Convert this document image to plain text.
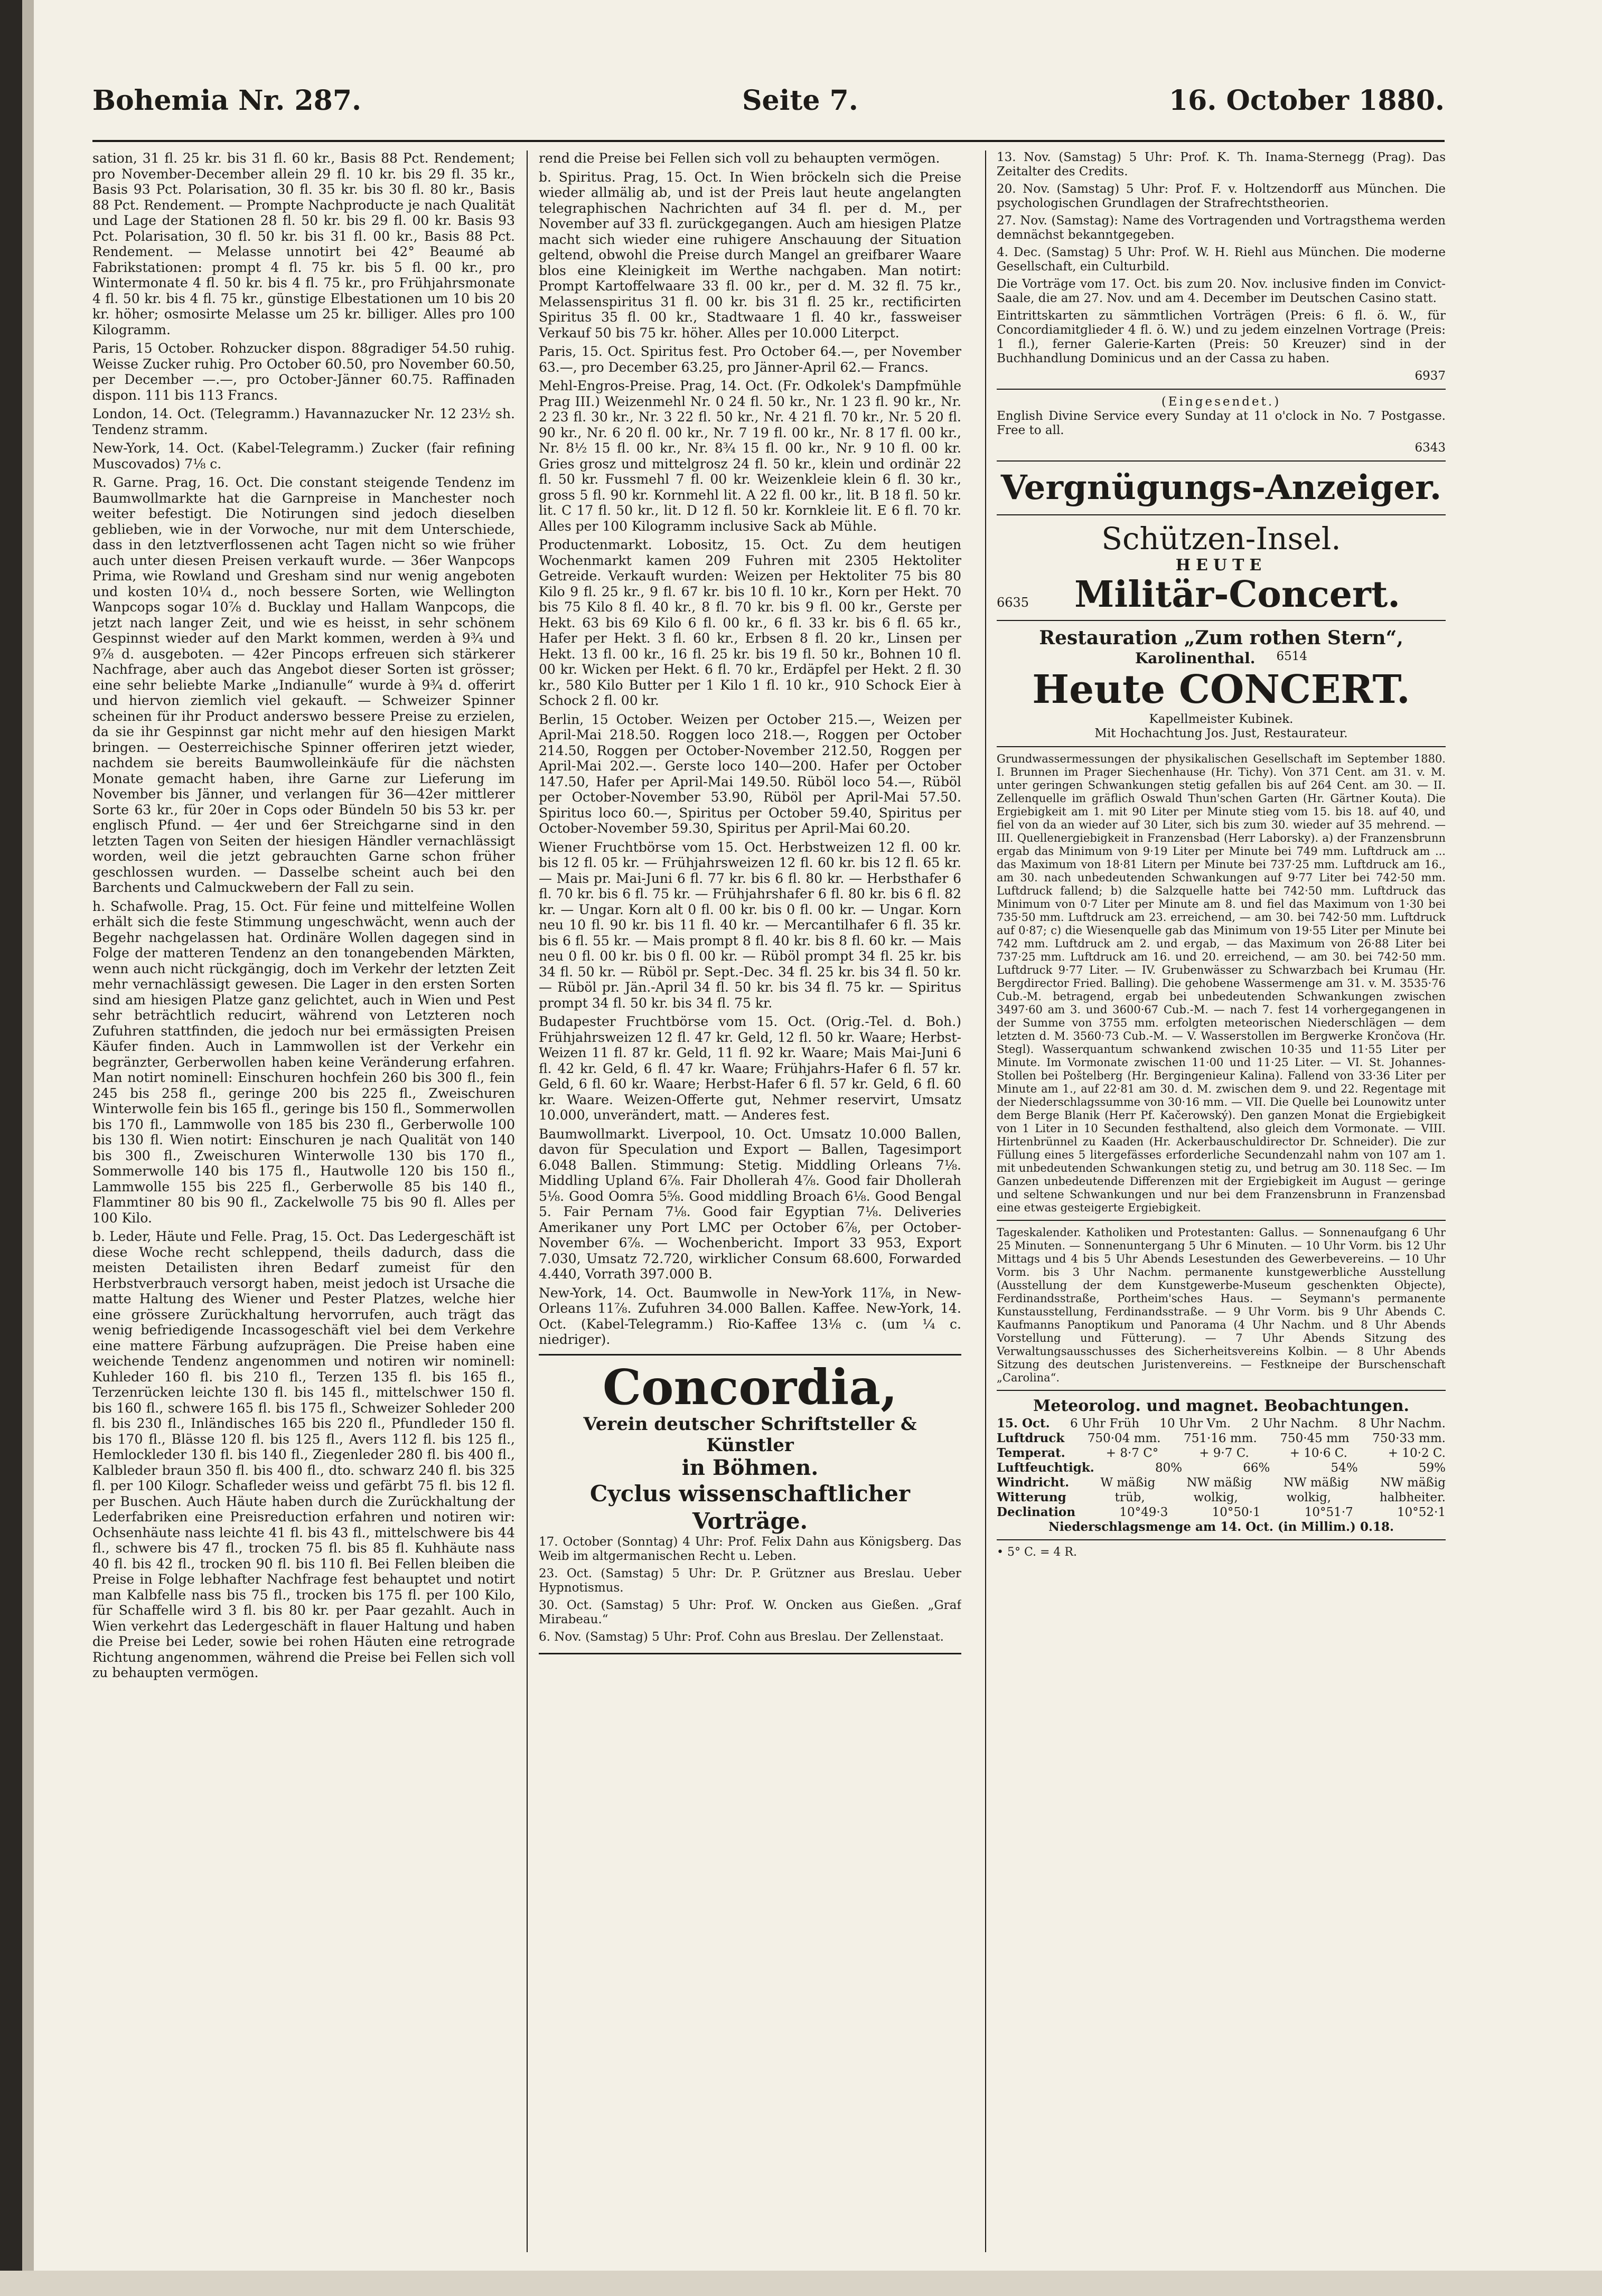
Bohemia Nr. 287.	Seite 7.	16. October 1880.

sation, 31 fl. 25 kr. bis 31 fl. 60 kr., Basis 88 Pct. Rendement; pro November-December allein 29 fl. 10 kr. bis 29 fl. 35 kr., Basis 93 Pct. Polarisation, 30 fl. 35 kr. bis 30 fl. 80 kr., Basis 88 Pct. Rendement. — Prompte Nachproducte je nach Qualität und Lage der Stationen 28 fl. 50 kr. bis 29 fl. 00 kr. Basis 93 Pct. Polarisation, 30 fl. 50 kr. bis 31 fl. 00 kr., Basis 88 Pct. Rendement. — Melasse unnotirt bei 42° Beaumé ab Fabrikstationen: prompt 4 fl. 75 kr. bis 5 fl. 00 kr., pro Wintermonate 4 fl. 50 kr. bis 4 fl. 75 kr., pro Frühjahrsmonate 4 fl. 50 kr. bis 4 fl. 75 kr., günstige Elbestationen um 10 bis 20 kr. höher; osmosirte Melasse um 25 kr. billiger. Alles pro 100 Kilogramm.

Paris, 15 October. Rohzucker dispon. 88gradiger 54.50 ruhig. Weisse Zucker ruhig. Pro October 60.50, pro November 60.50, per December —.—, pro October-Jänner 60.75. Raffinaden dispon. 111 bis 113 Francs.

London, 14. Oct. (Telegramm.) Havannazucker Nr. 12 23½ sh. Tendenz stramm.

New-York, 14. Oct. (Kabel-Telegramm.) Zucker (fair refining Muscovados) 7⅛ c.

R. Garne. Prag, 16. Oct. Die constant steigende Tendenz im Baumwollmarkte hat die Garnpreise in Manchester noch weiter befestigt. Die Notirungen sind jedoch dieselben geblieben, wie in der Vorwoche, nur mit dem Unterschiede, dass in den letztverflossenen acht Tagen nicht so wie früher auch unter diesen Preisen verkauft wurde. — 36er Wanpcops Prima, wie Rowland und Gresham sind nur wenig angeboten und kosten 10¼ d., noch bessere Sorten, wie Wellington Wanpcops sogar 10⅞ d. Bucklay und Hallam Wanpcops, die jetzt nach langer Zeit, und wie es heisst, in sehr schönem Gespinnst wieder auf den Markt kommen, werden à 9¾ und 9⅞ d. ausgeboten. — 42er Pincops erfreuen sich stärkerer Nachfrage, aber auch das Angebot dieser Sorten ist grösser; eine sehr beliebte Marke „Indianulle“ wurde à 9¾ d. offerirt und hiervon ziemlich viel gekauft. — Schweizer Spinner scheinen für ihr Product anderswo bessere Preise zu erzielen, da sie ihr Gespinnst gar nicht mehr auf den hiesigen Markt bringen. — Oesterreichische Spinner offeriren jetzt wieder, nachdem sie bereits Baumwolleinkäufe für die nächsten Monate gemacht haben, ihre Garne zur Lieferung im November bis Jänner, und verlangen für 36—42er mittlerer Sorte 63 kr., für 20er in Cops oder Bündeln 50 bis 53 kr. per englisch Pfund. — 4er und 6er Streichgarne sind in den letzten Tagen von Seiten der hiesigen Händler vernachlässigt worden, weil die jetzt gebrauchten Garne schon früher geschlossen wurden. — Dasselbe scheint auch bei den Barchents und Calmuckwebern der Fall zu sein.

h. Schafwolle. Prag, 15. Oct. Für feine und mittelfeine Wollen erhält sich die feste Stimmung ungeschwächt, wenn auch der Begehr nachgelassen hat. Ordinäre Wollen dagegen sind in Folge der matteren Tendenz an den tonangebenden Märkten, wenn auch nicht rückgängig, doch im Verkehr der letzten Zeit mehr vernachlässigt gewesen. Die Lager in den ersten Sorten sind am hiesigen Platze ganz gelichtet, auch in Wien und Pest sehr beträchtlich reducirt, während von Letzteren noch Zufuhren stattfinden, die jedoch nur bei ermässigten Preisen Käufer finden. Auch in Lammwollen ist der Verkehr ein begränzter, Gerberwollen haben keine Veränderung erfahren. Man notirt nominell: Einschuren hochfein 260 bis 300 fl., fein 245 bis 258 fl., geringe 200 bis 225 fl., Zweischuren Winterwolle fein bis 165 fl., geringe bis 150 fl., Sommerwollen bis 170 fl., Lammwolle von 185 bis 230 fl., Gerberwolle 100 bis 130 fl. Wien notirt: Einschuren je nach Qualität von 140 bis 300 fl., Zweischuren Winterwolle 130 bis 170 fl., Sommerwolle 140 bis 175 fl., Hautwolle 120 bis 150 fl., Lammwolle 155 bis 225 fl., Gerberwolle 85 bis 140 fl., Flammtiner 80 bis 90 fl., Zackelwolle 75 bis 90 fl. Alles per 100 Kilo.

b. Leder, Häute und Felle. Prag, 15. Oct. Das Ledergeschäft ist diese Woche recht schleppend, theils dadurch, dass die meisten Detailisten ihren Bedarf zumeist für den Herbstverbrauch versorgt haben, meist jedoch ist Ursache die matte Haltung des Wiener und Pester Platzes, welche hier eine grössere Zurückhaltung hervorrufen, auch trägt das wenig befriedigende Incassogeschäft viel bei dem Verkehre eine mattere Färbung aufzuprägen. Die Preise haben eine weichende Tendenz angenommen und notiren wir nominell: Kuhleder 160 fl. bis 210 fl., Terzen 135 fl. bis 165 fl., Terzenrücken leichte 130 fl. bis 145 fl., mittelschwer 150 fl. bis 160 fl., schwere 165 fl. bis 175 fl., Schweizer Sohleder 200 fl. bis 230 fl., Inländisches 165 bis 220 fl., Pfundleder 150 fl. bis 170 fl., Blässe 120 fl. bis 125 fl., Avers 112 fl. bis 125 fl., Hemlockleder 130 fl. bis 140 fl., Ziegenleder 280 fl. bis 400 fl., Kalbleder braun 350 fl. bis 400 fl., dto. schwarz 240 fl. bis 325 fl. per 100 Kilogr. Schafleder weiss und gefärbt 75 fl. bis 12 fl. per Buschen. Auch Häute haben durch die Zurückhaltung der Lederfabriken eine Preisreduction erfahren und notiren wir: Ochsenhäute nass leichte 41 fl. bis 43 fl., mittelschwere bis 44 fl., schwere bis 47 fl., trocken 75 fl. bis 85 fl. Kuhhäute nass 40 fl. bis 42 fl., trocken 90 fl. bis 110 fl. Bei Fellen bleiben die Preise in Folge lebhafter Nachfrage fest behauptet und notirt man Kalbfelle nass bis 75 fl., trocken bis 175 fl. per 100 Kilo, für Schaffelle wird 3 fl. bis 80 kr. per Paar gezahlt. Auch in Wien verkehrt das Ledergeschäft in flauer Haltung und haben die Preise bei Leder, sowie bei rohen Häuten eine retrograde Richtung angenommen, während die Preise bei Fellen sich voll zu behaupten vermögen.

rend die Preise bei Fellen sich voll zu behaupten vermögen.

b. Spiritus. Prag, 15. Oct. In Wien bröckeln sich die Preise wieder allmälig ab, und ist der Preis laut heute angelangten telegraphischen Nachrichten auf 34 fl. per d. M., per November auf 33 fl. zurückgegangen. Auch am hiesigen Platze macht sich wieder eine ruhigere Anschauung der Situation geltend, obwohl die Preise durch Mangel an greifbarer Waare blos eine Kleinigkeit im Werthe nachgaben. Man notirt: Prompt Kartoffelwaare 33 fl. 00 kr., per d. M. 32 fl. 75 kr., Melassenspiritus 31 fl. 00 kr. bis 31 fl. 25 kr., rectificirten Spiritus 35 fl. 00 kr., Stadtwaare 1 fl. 40 kr., fassweiser Verkauf 50 bis 75 kr. höher. Alles per 10.000 Literpct.

Paris, 15. Oct. Spiritus fest. Pro October 64.—, per November 63.—, pro December 63.25, pro Jänner-April 62.— Francs.

Mehl-Engros-Preise. Prag, 14. Oct. (Fr. Odkolek's Dampfmühle Prag III.) Weizenmehl Nr. 0 24 fl. 50 kr., Nr. 1 23 fl. 90 kr., Nr. 2 23 fl. 30 kr., Nr. 3 22 fl. 50 kr., Nr. 4 21 fl. 70 kr., Nr. 5 20 fl. 90 kr., Nr. 6 20 fl. 00 kr., Nr. 7 19 fl. 00 kr., Nr. 8 17 fl. 00 kr., Nr. 8½ 15 fl. 00 kr., Nr. 8¾ 15 fl. 00 kr., Nr. 9 10 fl. 00 kr. Gries grosz und mittelgrosz 24 fl. 50 kr., klein und ordinär 22 fl. 50 kr. Fussmehl 7 fl. 00 kr. Weizenkleie klein 6 fl. 30 kr., gross 5 fl. 90 kr. Kornmehl lit. A 22 fl. 00 kr., lit. B 18 fl. 50 kr. lit. C 17 fl. 50 kr., lit. D 12 fl. 50 kr. Kornkleie lit. E 6 fl. 70 kr. Alles per 100 Kilogramm inclusive Sack ab Mühle.

Productenmarkt. Lobositz, 15. Oct. Zu dem heutigen Wochenmarkt kamen 209 Fuhren mit 2305 Hektoliter Getreide. Verkauft wurden: Weizen per Hektoliter 75 bis 80 Kilo 9 fl. 25 kr., 9 fl. 67 kr. bis 10 fl. 10 kr., Korn per Hekt. 70 bis 75 Kilo 8 fl. 40 kr., 8 fl. 70 kr. bis 9 fl. 00 kr., Gerste per Hekt. 63 bis 69 Kilo 6 fl. 00 kr., 6 fl. 33 kr. bis 6 fl. 65 kr., Hafer per Hekt. 3 fl. 60 kr., Erbsen 8 fl. 20 kr., Linsen per Hekt. 13 fl. 00 kr., 16 fl. 25 kr. bis 19 fl. 50 kr., Bohnen 10 fl. 00 kr. Wicken per Hekt. 6 fl. 70 kr., Erdäpfel per Hekt. 2 fl. 30 kr., 580 Kilo Butter per 1 Kilo 1 fl. 10 kr., 910 Schock Eier à Schock 2 fl. 00 kr.

Berlin, 15 October. Weizen per October 215.—, Weizen per April-Mai 218.50. Roggen loco 218.—, Roggen per October 214.50, Roggen per October-November 212.50, Roggen per April-Mai 202.—. Gerste loco 140—200. Hafer per October 147.50, Hafer per April-Mai 149.50. Rüböl loco 54.—, Rüböl per October-November 53.90, Rüböl per April-Mai 57.50. Spiritus loco 60.—, Spiritus per October 59.40, Spiritus per October-November 59.30, Spiritus per April-Mai 60.20.

Wiener Fruchtbörse vom 15. Oct. Herbstweizen 12 fl. 00 kr. bis 12 fl. 05 kr. — Frühjahrsweizen 12 fl. 60 kr. bis 12 fl. 65 kr. — Mais pr. Mai-Juni 6 fl. 77 kr. bis 6 fl. 80 kr. — Herbsthafer 6 fl. 70 kr. bis 6 fl. 75 kr. — Frühjahrshafer 6 fl. 80 kr. bis 6 fl. 82 kr. — Ungar. Korn alt 0 fl. 00 kr. bis 0 fl. 00 kr. — Ungar. Korn neu 10 fl. 90 kr. bis 11 fl. 40 kr. — Mercantilhafer 6 fl. 35 kr. bis 6 fl. 55 kr. — Mais prompt 8 fl. 40 kr. bis 8 fl. 60 kr. — Mais neu 0 fl. 00 kr. bis 0 fl. 00 kr. — Rüböl prompt 34 fl. 25 kr. bis 34 fl. 50 kr. — Rüböl pr. Sept.-Dec. 34 fl. 25 kr. bis 34 fl. 50 kr. — Rüböl pr. Jän.-April 34 fl. 50 kr. bis 34 fl. 75 kr. — Spiritus prompt 34 fl. 50 kr. bis 34 fl. 75 kr.

Budapester Fruchtbörse vom 15. Oct. (Orig.-Tel. d. Boh.) Frühjahrsweizen 12 fl. 47 kr. Geld, 12 fl. 50 kr. Waare; Herbst-Weizen 11 fl. 87 kr. Geld, 11 fl. 92 kr. Waare; Mais Mai-Juni 6 fl. 42 kr. Geld, 6 fl. 47 kr. Waare; Frühjahrs-Hafer 6 fl. 57 kr. Geld, 6 fl. 60 kr. Waare; Herbst-Hafer 6 fl. 57 kr. Geld, 6 fl. 60 kr. Waare. Weizen-Offerte gut, Nehmer reservirt, Umsatz 10.000, unverändert, matt. — Anderes fest.

Baumwollmarkt. Liverpool, 10. Oct. Umsatz 10.000 Ballen, davon für Speculation und Export — Ballen, Tagesimport 6.048 Ballen. Stimmung: Stetig. Middling Orleans 7⅛. Middling Upland 6⅞. Fair Dhollerah 4⅞. Good fair Dhollerah 5⅛. Good Oomra 5⅝. Good middling Broach 6⅛. Good Bengal 5. Fair Pernam 7⅛. Good fair Egyptian 7⅛. Deliveries Amerikaner uny Port LMC per October 6⅞, per October-November 6⅞. — Wochenbericht. Import 33 953, Export 7.030, Umsatz 72.720, wirklicher Consum 68.600, Forwarded 4.440, Vorrath 397.000 B.

New-York, 14. Oct. Baumwolle in New-York 11⅞, in New-Orleans 11⅞. Zufuhren 34.000 Ballen. Kaffee. New-York, 14. Oct. (Kabel-Telegramm.) Rio-Kaffee 13⅛ c. (um ¼ c. niedriger).

Concordia,
Verein deutscher Schriftsteller & Künstler
in Böhmen.
Cyclus wissenschaftlicher Vorträge.

17. October (Sonntag) 4 Uhr: Prof. Felix Dahn aus Königsberg. Das Weib im altgermanischen Recht u. Leben.

23. Oct. (Samstag) 5 Uhr: Dr. P. Grützner aus Breslau. Ueber Hypnotismus.

30. Oct. (Samstag) 5 Uhr: Prof. W. Oncken aus Gießen. „Graf Mirabeau.“

6. Nov. (Samstag) 5 Uhr: Prof. Cohn aus Breslau. Der Zellenstaat.

13. Nov. (Samstag) 5 Uhr: Prof. K. Th. Inama-Sternegg (Prag). Das Zeitalter des Credits.

20. Nov. (Samstag) 5 Uhr: Prof. F. v. Holtzendorff aus München. Die psychologischen Grundlagen der Strafrechtstheorien.

27. Nov. (Samstag): Name des Vortragenden und Vortragsthema werden demnächst bekanntgegeben.

4. Dec. (Samstag) 5 Uhr: Prof. W. H. Riehl aus München. Die moderne Gesellschaft, ein Culturbild.

Die Vorträge vom 17. Oct. bis zum 20. Nov. inclusive finden im Convict-Saale, die am 27. Nov. und am 4. December im Deutschen Casino statt.

Eintrittskarten zu sämmtlichen Vorträgen (Preis: 6 fl. ö. W., für Concordiamitglieder 4 fl. ö. W.) und zu jedem einzelnen Vortrage (Preis: 1 fl.), ferner Galerie-Karten (Preis: 50 Kreuzer) sind in der Buchhandlung Dominicus und an der Cassa zu haben.

6937
(Eingesendet.)

English Divine Service every Sunday at 11 o'clock in No. 7 Postgasse. Free to all.

6343
Vergnügungs-Anzeiger.
Schützen-Insel.
HEUTE
6635	Militär-Concert.
Restauration „Zum rothen Stern“,
Karolinenthal. 6514
Heute CONCERT.
Kapellmeister Kubinek.
Mit Hochachtung Jos. Just, Restaurateur.

Grundwassermessungen der physikalischen Gesellschaft im September 1880. I. Brunnen im Prager Siechenhause (Hr. Tichy). Von 371 Cent. am 31. v. M. unter geringen Schwankungen stetig gefallen bis auf 264 Cent. am 30. — II. Zellenquelle im gräflich Oswald Thun'schen Garten (Hr. Gärtner Kouta). Die Ergiebigkeit am 1. mit 90 Liter per Minute stieg vom 15. bis 18. auf 40, und fiel von da an wieder auf 30 Liter, sich bis zum 30. wieder auf 35 mehrend. — III. Quellenergiebigkeit in Franzensbad (Herr Laborsky). a) der Franzensbrunn ergab das Minimum von 9·19 Liter per Minute bei 749 mm. Luftdruck am ... das Maximum von 18·81 Litern per Minute bei 737·25 mm. Luftdruck am 16., am 30. nach unbedeutenden Schwankungen auf 9·77 Liter bei 742·50 mm. Luftdruck fallend; b) die Salzquelle hatte bei 742·50 mm. Luftdruck das Minimum von 0·7 Liter per Minute am 8. und fiel das Maximum von 1·30 bei 735·50 mm. Luftdruck am 23. erreichend, — am 30. bei 742·50 mm. Luftdruck auf 0·87; c) die Wiesenquelle gab das Minimum von 19·55 Liter per Minute bei 742 mm. Luftdruck am 2. und ergab, — das Maximum von 26·88 Liter bei 737·25 mm. Luftdruck am 16. und 20. erreichend, — am 30. bei 742·50 mm. Luftdruck 9·77 Liter. — IV. Grubenwässer zu Schwarzbach bei Krumau (Hr. Bergdirector Fried. Balling). Die gehobene Wassermenge am 31. v. M. 3535·76 Cub.-M. betragend, ergab bei unbedeutenden Schwankungen zwischen 3497·60 am 3. und 3600·67 Cub.-M. — nach 7. fest 14 vorhergegangenen in der Summe von 3755 mm. erfolgten meteorischen Niederschlägen — dem letzten d. M. 3560·73 Cub.-M. — V. Wasserstollen im Bergwerke Krončova (Hr. Stegl). Wasserquantum schwankend zwischen 10·35 und 11·55 Liter per Minute. Im Vormonate zwischen 11·00 und 11·25 Liter. — VI. St. Johannes-Stollen bei Poštelberg (Hr. Bergingenieur Kalina). Fallend von 33·36 Liter per Minute am 1., auf 22·81 am 30. d. M. zwischen dem 9. und 22. Regentage mit der Niederschlagssumme von 30·16 mm. — VII. Die Quelle bei Lounowitz unter dem Berge Blanik (Herr Pf. Kačerowský). Den ganzen Monat die Ergiebigkeit von 1 Liter in 10 Secunden festhaltend, also gleich dem Vormonate. — VIII. Hirtenbrünnel zu Kaaden (Hr. Ackerbauschuldirector Dr. Schneider). Die zur Füllung eines 5 litergefässes erforderliche Secundenzahl nahm von 107 am 1. mit unbedeutenden Schwankungen stetig zu, und betrug am 30. 118 Sec. — Im Ganzen unbedeutende Differenzen mit der Ergiebigkeit im August — geringe und seltene Schwankungen und nur bei dem Franzensbrunn in Franzensbad eine etwas gesteigerte Ergiebigkeit.

Tageskalender. Katholiken und Protestanten: Gallus. — Sonnenaufgang 6 Uhr 25 Minuten. — Sonnenuntergang 5 Uhr 6 Minuten. — 10 Uhr Vorm. bis 12 Uhr Mittags und 4 bis 5 Uhr Abends Lesestunden des Gewerbevereins. — 10 Uhr Vorm. bis 3 Uhr Nachm. permanente kunstgewerbliche Ausstellung (Ausstellung der dem Kunstgewerbe-Museum geschenkten Objecte), Ferdinandsstraße, Portheim'sches Haus. — Seymann's permanente Kunstausstellung, Ferdinandsstraße. — 9 Uhr Vorm. bis 9 Uhr Abends C. Kaufmanns Panoptikum und Panorama (4 Uhr Nachm. und 8 Uhr Abends Vorstellung und Fütterung). — 7 Uhr Abends Sitzung des Verwaltungsausschusses des Sicherheitsvereins Kolbin. — 8 Uhr Abends Sitzung des deutschen Juristenvereins. — Festkneipe der Burschenschaft „Carolina“.

Meteorolog. und magnet. Beobachtungen.
15. Oct. 6 Uhr Früh 10 Uhr Vm. 2 Uhr Nachm. 8 Uhr Nachm.
Luftdruck 750·04 mm. 751·16 mm. 750·45 mm 750·33 mm.
Temperat.	+ 8·7 C°	+ 9·7 C.	+ 10·6 C.	+ 10·2 C.
Luftfeuchtigk.	80%	66%	54%	59%
Windricht.	W mäßig	NW mäßig	NW mäßig	NW mäßig
Witterung	trüb,	wolkig,	wolkig,	halbheiter.
Declination	10°49·3	10°50·1	10°51·7	10°52·1
Niederschlagsmenge am 14. Oct. (in Millim.) 0.18.
• 5° C. = 4 R.
